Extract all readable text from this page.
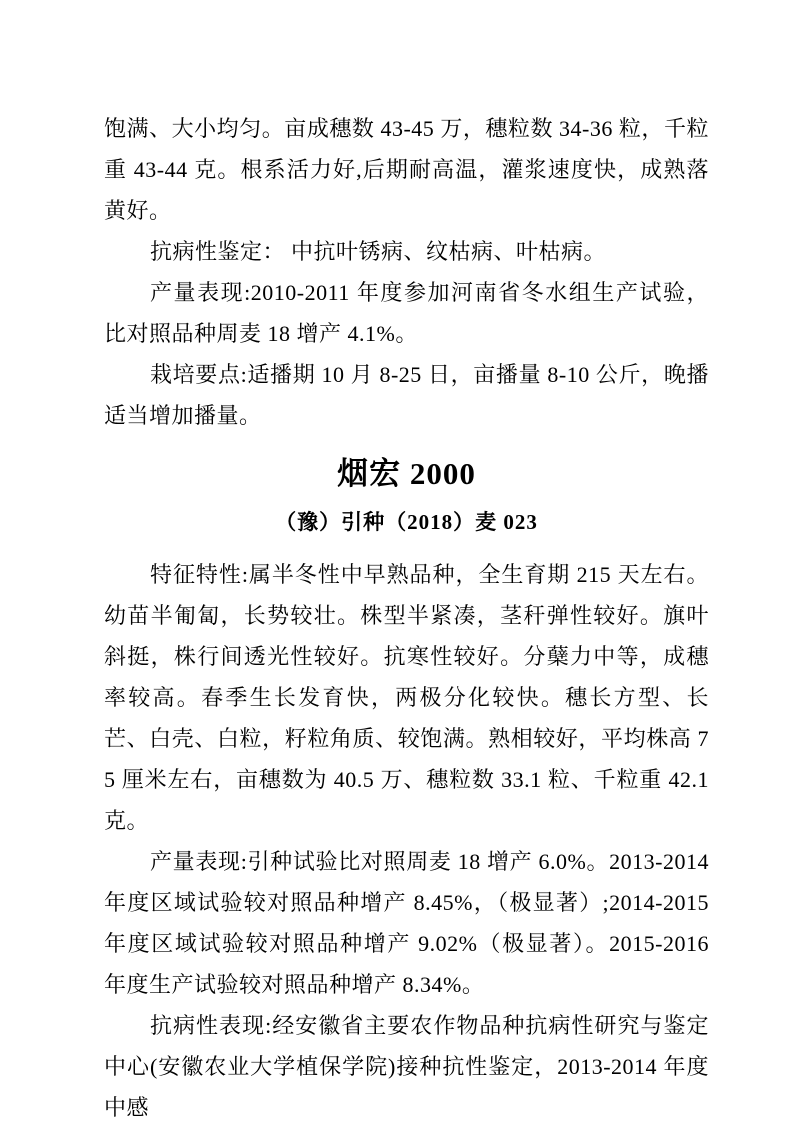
饱满、大小均匀。亩成穗数 43-45 万，穗粒数 34-36 粒，千粒重 43-44 克。根系活力好,后期耐高温，灌浆速度快，成熟落黄好。

抗病性鉴定： 中抗叶锈病、纹枯病、叶枯病。

产量表现:2010-2011 年度参加河南省冬水组生产试验，比对照品种周麦 18 增产 4.1%。

栽培要点:适播期 10 月 8-25 日，亩播量 8-10 公斤，晚播适当增加播量。

烟宏 2000
（豫）引种（2018）麦 023

特征特性:属半冬性中早熟品种，全生育期 215 天左右。幼苗半匍匐，长势较壮。株型半紧凑，茎秆弹性较好。旗叶斜挺，株行间透光性较好。抗寒性较好。分蘖力中等，成穗率较高。春季生长发育快，两极分化较快。穗长方型、长芒、白壳、白粒，籽粒角质、较饱满。熟相较好，平均株高 75 厘米左右，亩穗数为 40.5 万、穗粒数 33.1 粒、千粒重 42.1 克。

产量表现:引种试验比对照周麦 18 增产 6.0%。2013-2014 年度区域试验较对照品种增产 8.45%，（极显著）;2014-2015 年度区域试验较对照品种增产 9.02%（极显著）。2015-2016 年度生产试验较对照品种增产 8.34%。

抗病性表现:经安徽省主要农作物品种抗病性研究与鉴定中心(安徽农业大学植保学院)接种抗性鉴定，2013-2014 年度中感
